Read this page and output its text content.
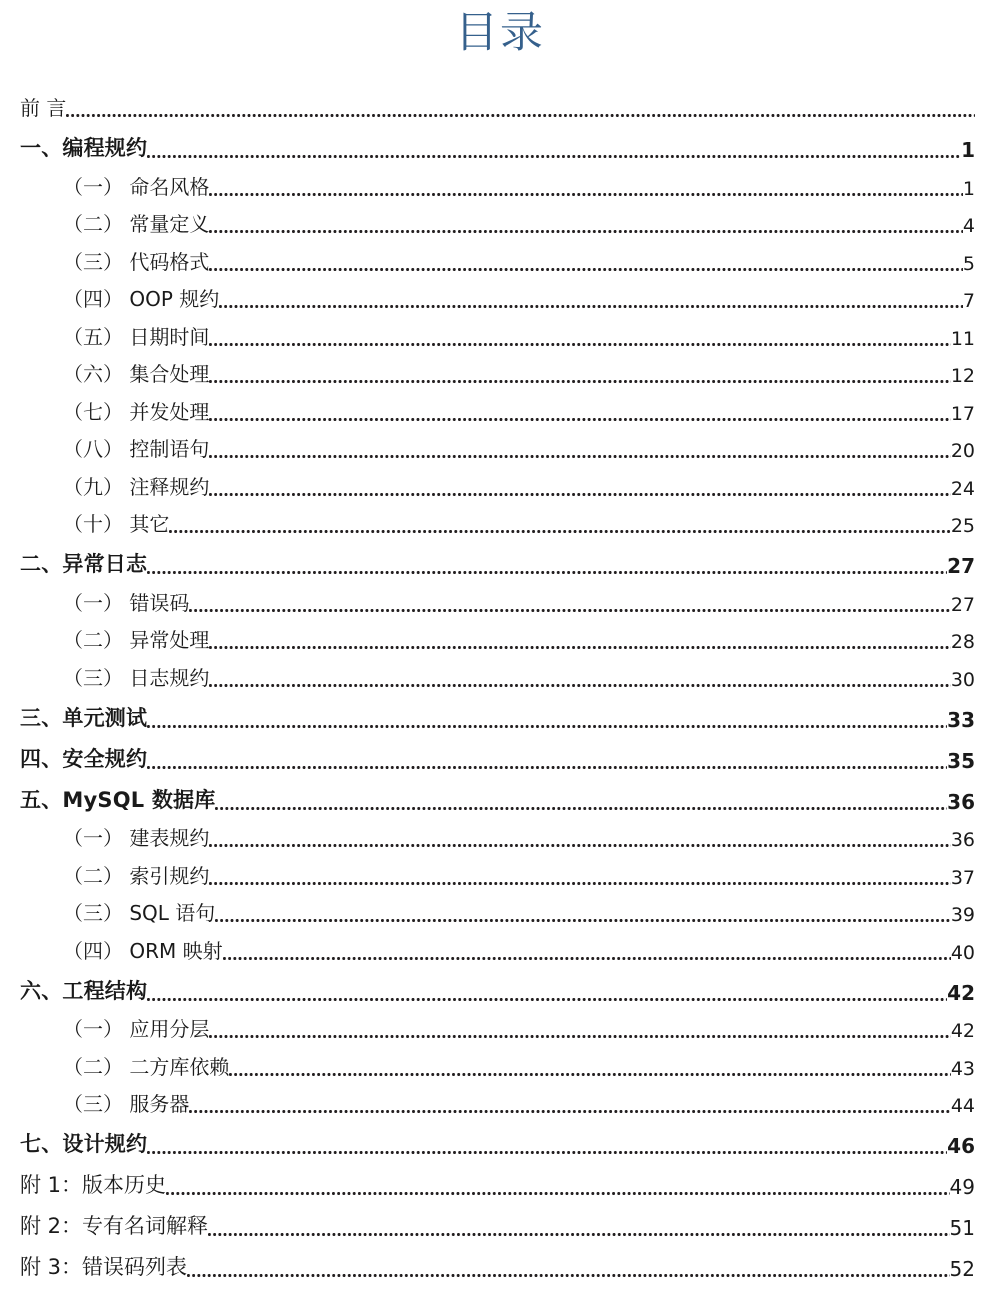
目录
前 言
一、编程规约	1
（一） 命名风格	1
（二） 常量定义	4
（三） 代码格式	5
（四） OOP 规约	7
（五） 日期时间	11
（六） 集合处理	12
（七） 并发处理	17
（八） 控制语句	20
（九） 注释规约	24
（十） 其它	25
二、异常日志	27
（一） 错误码	27
（二） 异常处理	28
（三） 日志规约	30
三、单元测试	33
四、安全规约	35
五、MySQL 数据库	36
（一） 建表规约	36
（二） 索引规约	37
（三） SQL 语句	39
（四） ORM 映射	40
六、工程结构	42
（一） 应用分层	42
（二） 二方库依赖	43
（三） 服务器	44
七、设计规约	46
附 1：版本历史	49
附 2：专有名词解释	51
附 3：错误码列表	52
